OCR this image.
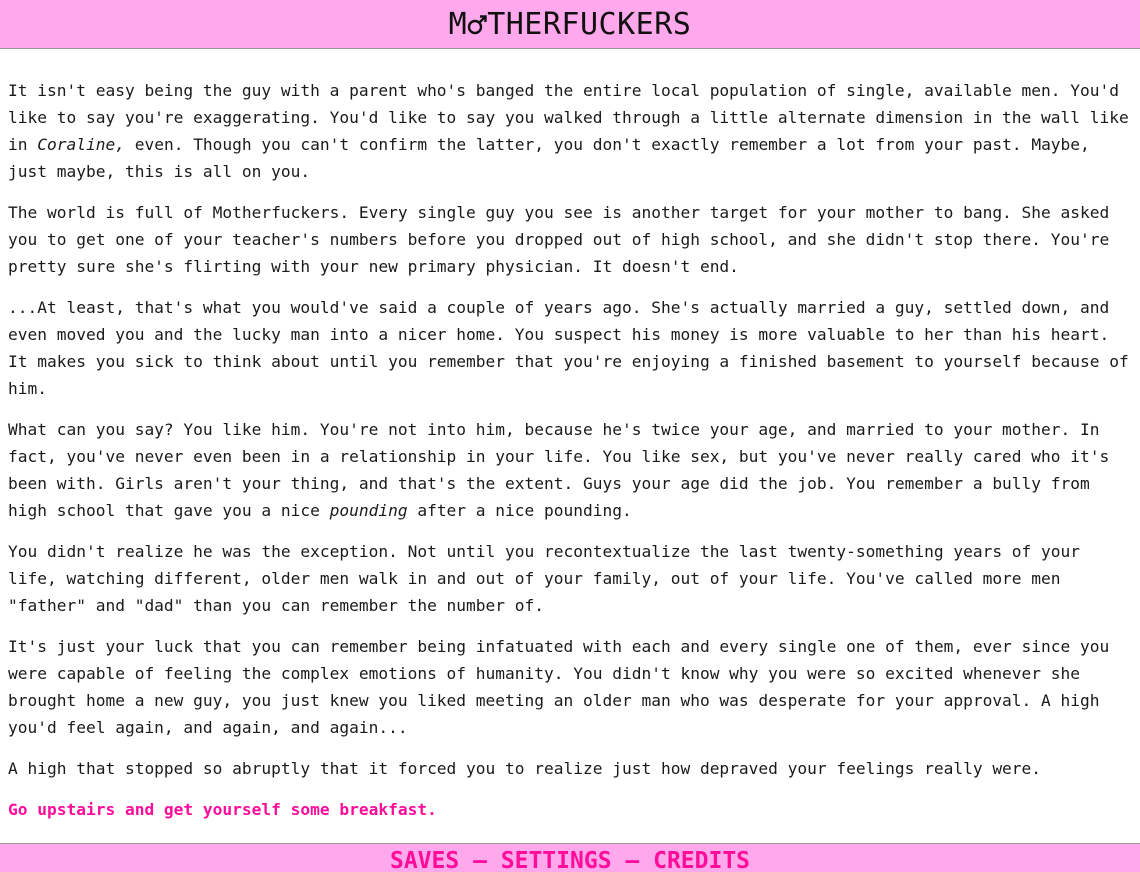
M THERFUCKERS

It isn't easy being the guy with a parent who's banged the entire local population of single, available men. You'd like to say you're exaggerating. You'd like to say you walked through a little alternate dimension in the wall like in Coraline, even. Though you can't confirm the latter, you don't exactly remember a lot from your past. Maybe, just maybe, this is all on you.

The world is full of Motherfuckers. Every single guy you see is another target for your mother to bang. She asked you to get one of your teacher's numbers before you dropped out of high school, and she didn't stop there. You're pretty sure she's flirting with your new primary physician. It doesn't end.

...At least, that's what you would've said a couple of years ago. She's actually married a guy, settled down, and even moved you and the lucky man into a nicer home. You suspect his money is more valuable to her than his heart. It makes you sick to think about until you remember that you're enjoying a finished basement to yourself because of him.

What can you say? You like him. You're not into him, because he's twice your age, and married to your mother. In fact, you've never even been in a relationship in your life. You like sex, but you've never really cared who it's been with. Girls aren't your thing, and that's the extent. Guys your age did the job. You remember a bully from high school that gave you a nice pounding after a nice pounding.

You didn't realize he was the exception. Not until you recontextualize the last twenty-something years of your life, watching different, older men walk in and out of your family, out of your life. You've called more men "father" and "dad" than you can remember the number of.

It's just your luck that you can remember being infatuated with each and every single one of them, ever since you were capable of feeling the complex emotions of humanity. You didn't know why you were so excited whenever she brought home a new guy, you just knew you liked meeting an older man who was desperate for your approval. A high you'd feel again, and again, and again...

A high that stopped so abruptly that it forced you to realize just how depraved your feelings really were.

Go upstairs and get yourself some breakfast.

SAVES — SETTINGS — CREDITS
